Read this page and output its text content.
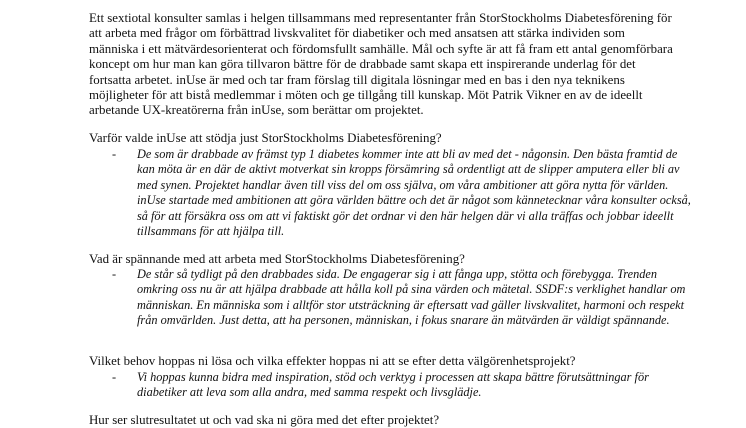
Ett sextiotal konsulter samlas i helgen tillsammans med representanter från StorStockholms Diabetesförening för att arbeta med frågor om förbättrad livskvalitet för diabetiker och med ansatsen att stärka individen som människa i ett mätvärdesorienterat och fördomsfullt samhälle. Mål och syfte är att få fram ett antal genomförbara koncept om hur man kan göra tillvaron bättre för de drabbade samt skapa ett inspirerande underlag för det fortsatta arbetet. inUse är med och tar fram förslag till digitala lösningar med en bas i den nya teknikens möjligheter för att bistå medlemmar i möten och ge tillgång till kunskap. Möt Patrik Vikner en av de ideellt arbetande UX-kreatörerna från inUse, som berättar om projektet.

Varför valde inUse att stödja just StorStockholms Diabetesförening?

- De som är drabbade av främst typ 1 diabetes kommer inte att bli av med det - någonsin. Den bästa framtid de kan möta är en där de aktivt motverkat sin kropps försämring så ordentligt att de slipper amputera eller bli av med synen. Projektet handlar även till viss del om oss själva, om våra ambitioner att göra nytta för världen. inUse startade med ambitionen att göra världen bättre och det är något som kännetecknar våra konsulter också, så för att försäkra oss om att vi faktiskt gör det ordnar vi den här helgen där vi alla träffas och jobbar ideellt tillsammans för att hjälpa till.

Vad är spännande med att arbeta med StorStockholms Diabetesförening?

- De står så tydligt på den drabbades sida. De engagerar sig i att fånga upp, stötta och förebygga. Trenden omkring oss nu är att hjälpa drabbade att hålla koll på sina värden och mätetal. SSDF:s verklighet handlar om människan. En människa som i alltför stor utsträckning är eftersatt vad gäller livskvalitet, harmoni och respekt från omvärlden. Just detta, att ha personen, människan, i fokus snarare än mätvärden är väldigt spännande.

Vilket behov hoppas ni lösa och vilka effekter hoppas ni att se efter detta välgörenhetsprojekt?

- Vi hoppas kunna bidra med inspiration, stöd och verktyg i processen att skapa bättre förutsättningar för diabetiker att leva som alla andra, med samma respekt och livsglädje.

Hur ser slutresultatet ut och vad ska ni göra med det efter projektet?
